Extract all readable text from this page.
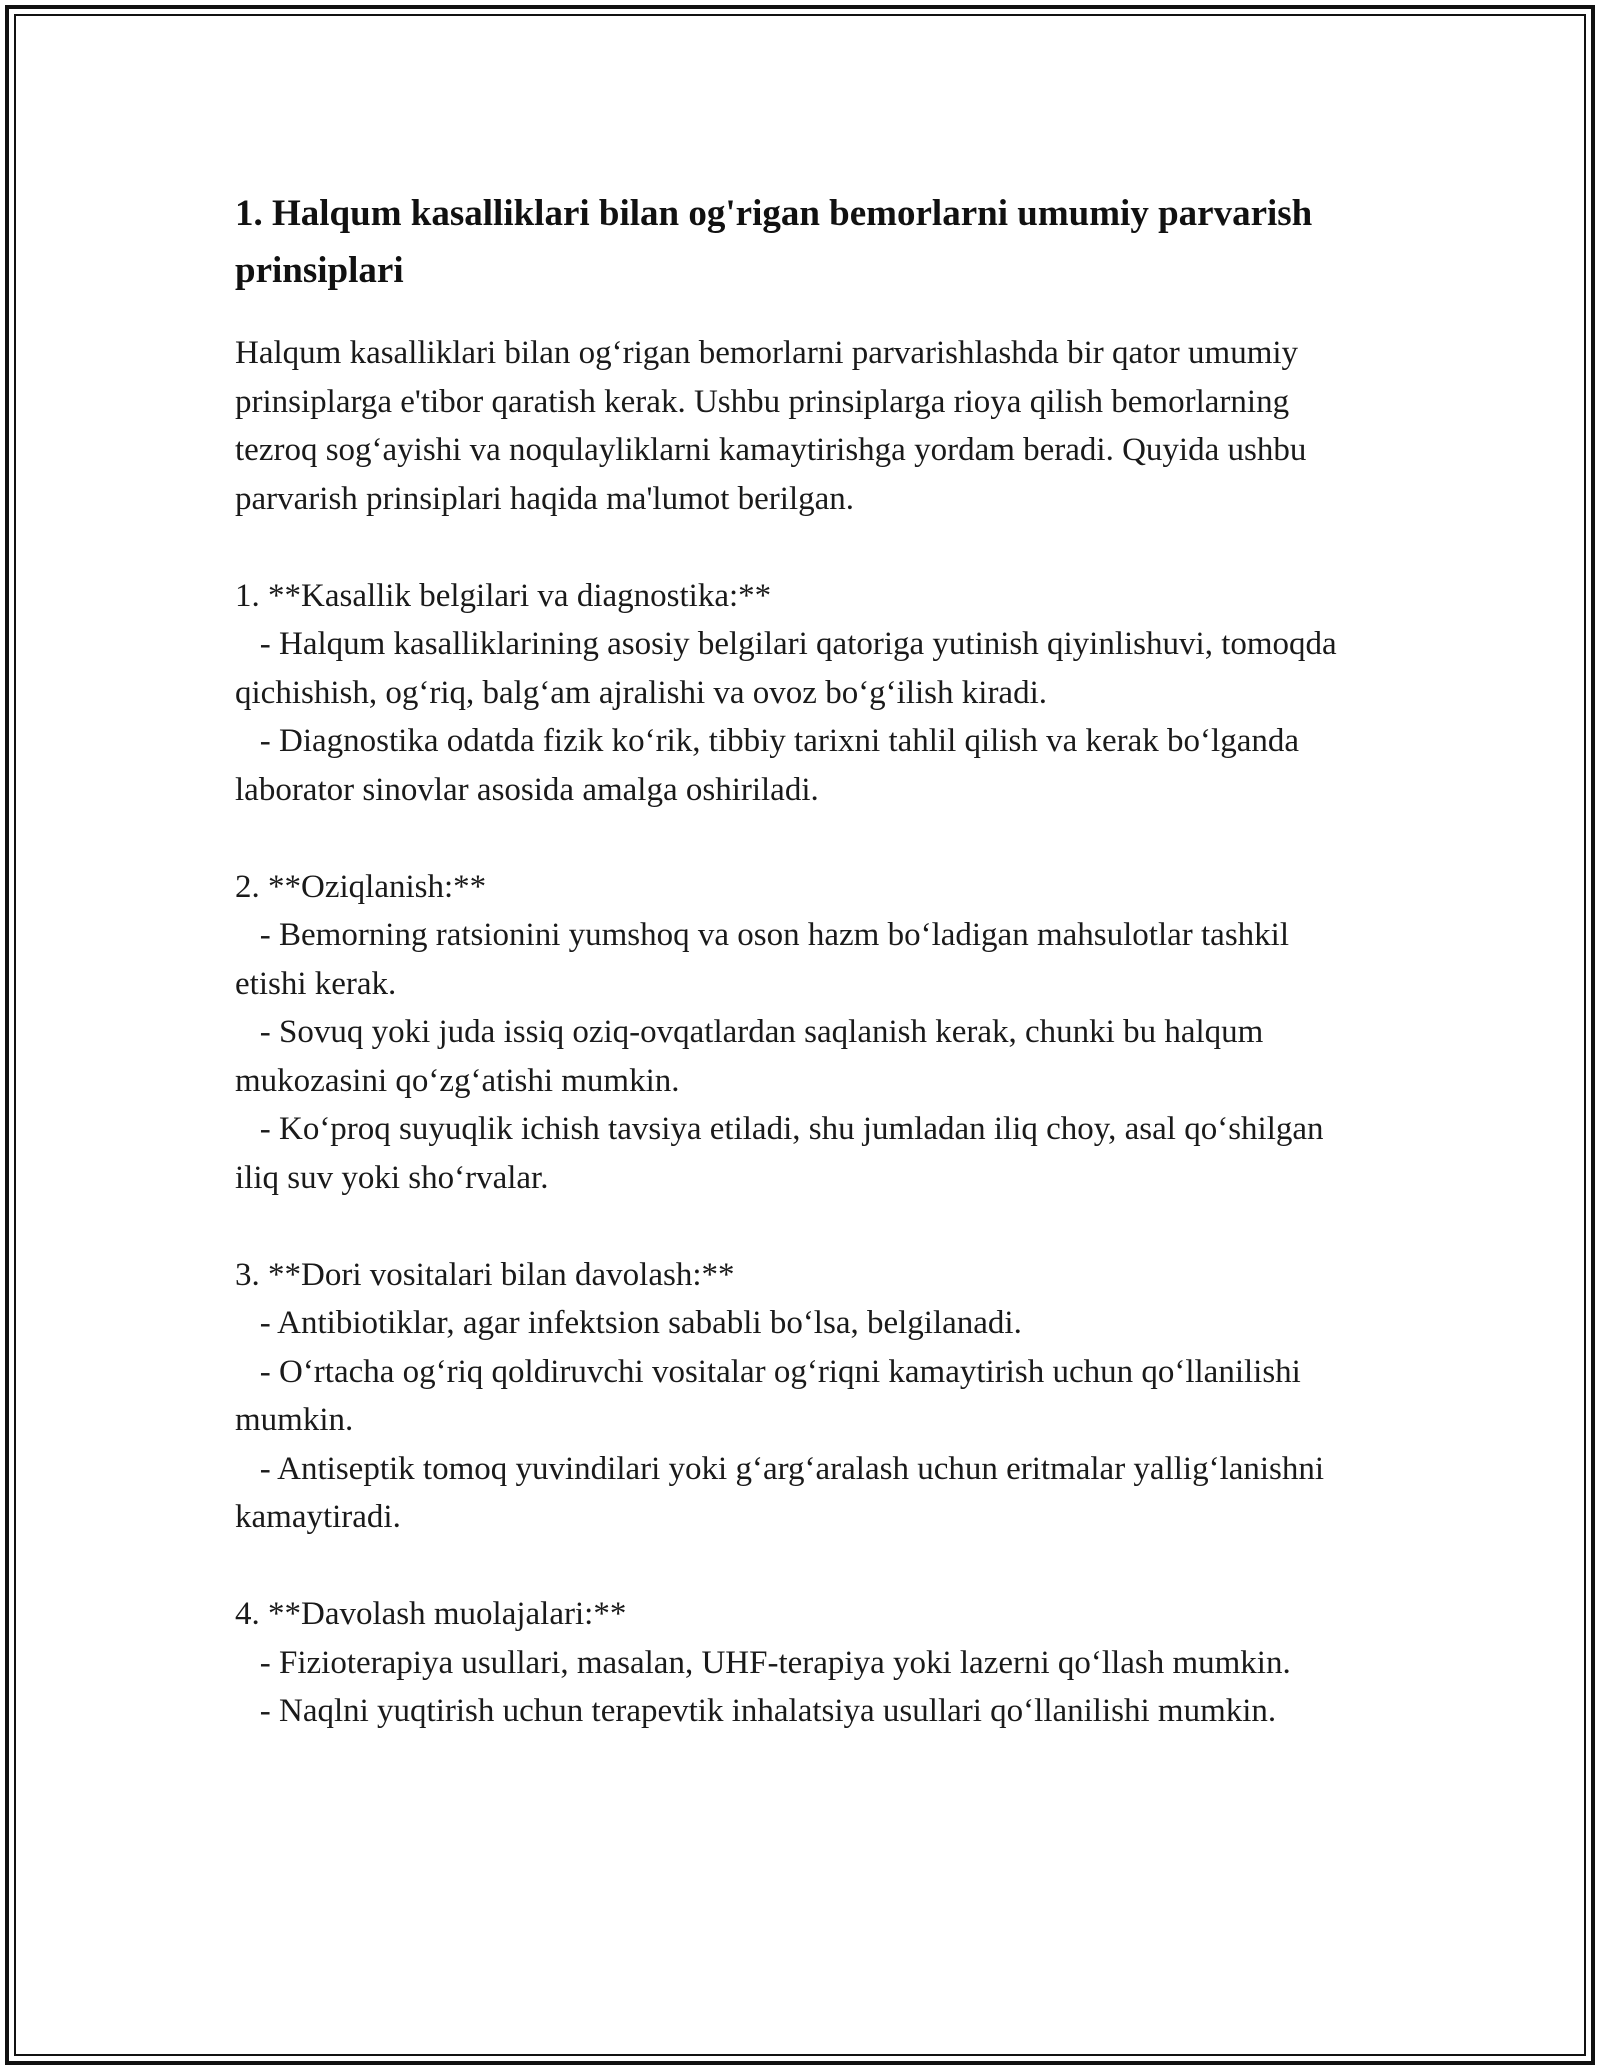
1. Halqum kasalliklari bilan og'rigan bemorlarni umumiy parvarish prinsiplari

Halqum kasalliklari bilan og‘rigan bemorlarni parvarishlashda bir qator umumiy prinsiplarga e'tibor qaratish kerak. Ushbu prinsiplarga rioya qilish bemorlarning tezroq sog‘ayishi va noqulayliklarni kamaytirishga yordam beradi. Quyida ushbu parvarish prinsiplari haqida ma'lumot berilgan.

1. **Kasallik belgilari va diagnostika:**

- Halqum kasalliklarining asosiy belgilari qatoriga yutinish qiyinlishuvi, tomoqda qichishish, og‘riq, balg‘am ajralishi va ovoz bo‘g‘ilish kiradi.

- Diagnostika odatda fizik ko‘rik, tibbiy tarixni tahlil qilish va kerak bo‘lganda laborator sinovlar asosida amalga oshiriladi.

2. **Oziqlanish:**

- Bemorning ratsionini yumshoq va oson hazm bo‘ladigan mahsulotlar tashkil etishi kerak.

- Sovuq yoki juda issiq oziq-ovqatlardan saqlanish kerak, chunki bu halqum mukozasini qo‘zg‘atishi mumkin.

- Ko‘proq suyuqlik ichish tavsiya etiladi, shu jumladan iliq choy, asal qo‘shilgan iliq suv yoki sho‘rvalar.

3. **Dori vositalari bilan davolash:**

- Antibiotiklar, agar infektsion sababli bo‘lsa, belgilanadi.

- O‘rtacha og‘riq qoldiruvchi vositalar og‘riqni kamaytirish uchun qo‘llanilishi mumkin.

- Antiseptik tomoq yuvindilari yoki g‘arg‘aralash uchun eritmalar yallig‘lanishni kamaytiradi.

4. **Davolash muolajalari:**

- Fizioterapiya usullari, masalan, UHF-terapiya yoki lazerni qo‘llash mumkin.

- Naqlni yuqtirish uchun terapevtik inhalatsiya usullari qo‘llanilishi mumkin.
